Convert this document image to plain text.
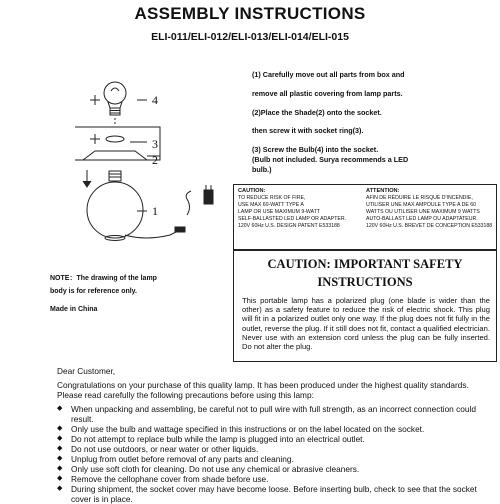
ASSEMBLY INSTRUCTIONS
ELI-011/ELI-012/ELI-013/ELI-014/ELI-015
4
3
2
1
(1) Carefully move out all parts from box and
remove all plastic covering from lamp parts.
(2)Place the Shade(2) onto the socket.
then screw it with socket ring(3).
(3) Screw the Bulb(4) into the socket.
(Bulb not included. Surya recommends a LED
bulb.)
CAUTION:
TO REDUCE RISK OF FIRE,
USE MAX 60-WATT TYPE A
LAMP OR USE MAXIMUM 9-WATT
SELF-BALLASTED LED LAMP OR ADAPTER.
120V 60Hz U.S. DESIGN PATENT E533188
ATTENTION:
AFIN DE RÉDUIRE LE RISQUE D'INCENDIE,
UTILISER UNE MAX AMPOULE TYPE A DE 60
WATTS OU UTILISER UNE MAXIMUM 9 WATTS
AUTO-BALLAST LED LAMP OU ADAPTATEUR.
120V 60Hz U.S. BREVET DE CONCEPTION E533188
CAUTION: IMPORTANT SAFETY
INSTRUCTIONS
This portable lamp has a polarized plug (one blade is wider than the other) as a safety feature to reduce the risk of electric shock. This plug will fit in a polarized outlet only one way. If the plug does not fit fully in the outlet, reverse the plug. If it still does not fit, contact a qualified electrician. Never use with an extension cord unless the plug can be fully inserted. Do not alter the plug.
NOTE：The drawing of the lamp
body is for reference only.
Made in China

Dear Customer,

Congratulations on your purchase of this quality lamp. It has been produced under the highest quality standards. Please read carefully the following precautions before using this lamp:

◆ When unpacking and assembling, be careful not to pull wire with full strength, as an incorrect connection could result.
◆ Only use the bulb and wattage specified in this instructions or on the label located on the socket.
◆ Do not attempt to replace bulb while the lamp is plugged into an electrical outlet.
◆ Do not use outdoors, or near water or other liquids.
◆ Unplug from outlet before removal of any parts and cleaning.
◆ Only use soft cloth for cleaning. Do not use any chemical or abrasive cleaners.
◆ Remove the cellophane cover from shade before use.
◆ During shipment, the socket cover may have become loose. Before inserting bulb, check to see that the socket cover is in place.
